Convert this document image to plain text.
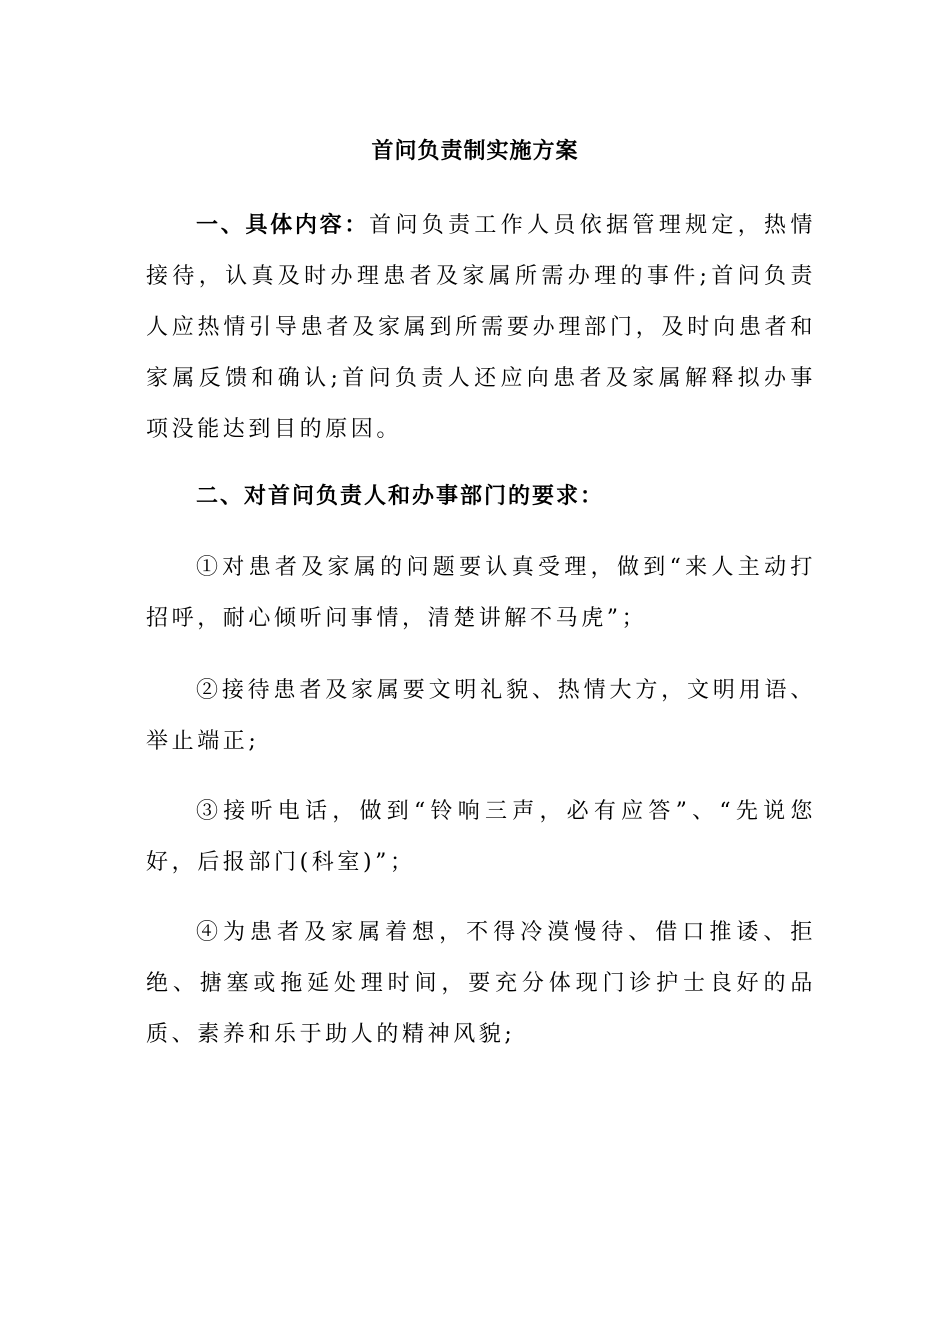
首问负责制实施方案
一、具体内容：首问负责工作人员依据管理规定，热情接待，认真及时办理患者及家属所需办理的事件;首问负责人应热情引导患者及家属到所需要办理部门，及时向患者和家属反馈和确认;首问负责人还应向患者及家属解释拟办事项没能达到目的原因。
二、对首问负责人和办事部门的要求：
①对患者及家属的问题要认真受理，做到“来人主动打招呼，耐心倾听问事情，清楚讲解不马虎”；
②接待患者及家属要文明礼貌、热情大方，文明用语、举止端正;
③接听电话，做到“铃响三声，必有应答”、“先说您好，后报部门(科室)”；
④为患者及家属着想，不得冷漠慢待、借口推诿、拒绝、搪塞或拖延处理时间，要充分体现门诊护士良好的品质、素养和乐于助人的精神风貌;
